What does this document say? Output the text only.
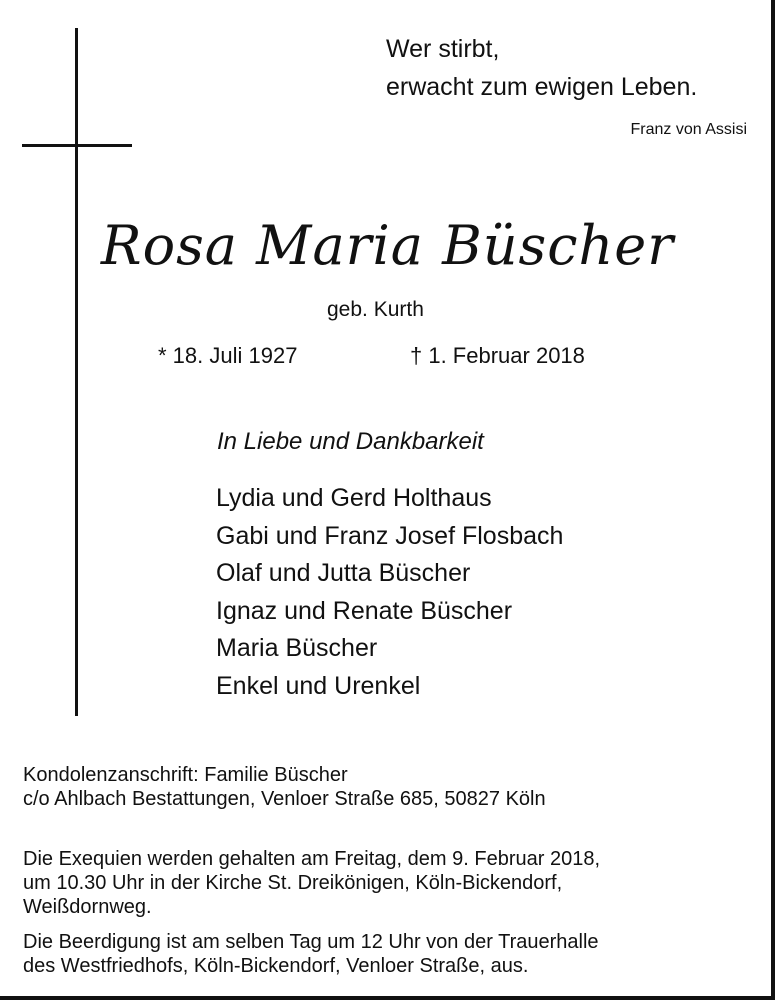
Wer stirbt,
erwacht zum ewigen Leben.
Franz von Assisi
Rosa Maria Büscher
geb. Kurth
* 18. Juli 1927	† 1. Februar 2018
In Liebe und Dankbarkeit
Lydia und Gerd Holthaus
Gabi und Franz Josef Flosbach
Olaf und Jutta Büscher
Ignaz und Renate Büscher
Maria Büscher
Enkel und Urenkel
Kondolenzanschrift: Familie Büscher
c/o Ahlbach Bestattungen, Venloer Straße 685, 50827 Köln
Die Exequien werden gehalten am Freitag, dem 9. Februar 2018,
um 10.30 Uhr in der Kirche St. Dreikönigen, Köln-Bickendorf,
Weißdornweg.
Die Beerdigung ist am selben Tag um 12 Uhr von der Trauerhalle
des Westfriedhofs, Köln-Bickendorf, Venloer Straße, aus.
